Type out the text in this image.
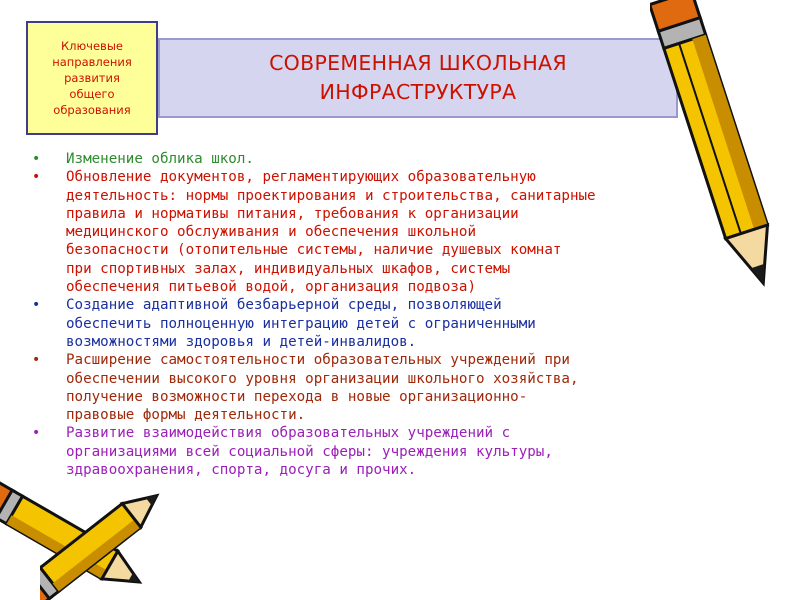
Ключевые
направления
развития
общего
образования
СОВРЕМЕННАЯ ШКОЛЬНАЯ
ИНФРАСТРУКТУРА
• Изменение облика школ.
• Обновление документов, регламентирующих образовательную
деятельность: нормы проектирования и строительства, санитарные
правила и нормативы питания, требования к организации
медицинского обслуживания и обеспечения школьной
безопасности (отопительные системы, наличие душевых комнат
при спортивных залах, индивидуальных шкафов, системы
обеспечения питьевой водой, организация подвоза)
• Создание адаптивной безбарьерной среды, позволяющей
обеспечить полноценную интеграцию детей с ограниченными
возможностями здоровья и детей-инвалидов.
• Расширение самостоятельности образовательных учреждений при
обеспечении высокого уровня организации школьного хозяйства,
получение возможности перехода в новые организационно-
правовые формы деятельности.
• Развитие взаимодействия образовательных учреждений с
организациями всей социальной сферы: учреждения культуры,
здравоохранения, спорта, досуга и прочих.
